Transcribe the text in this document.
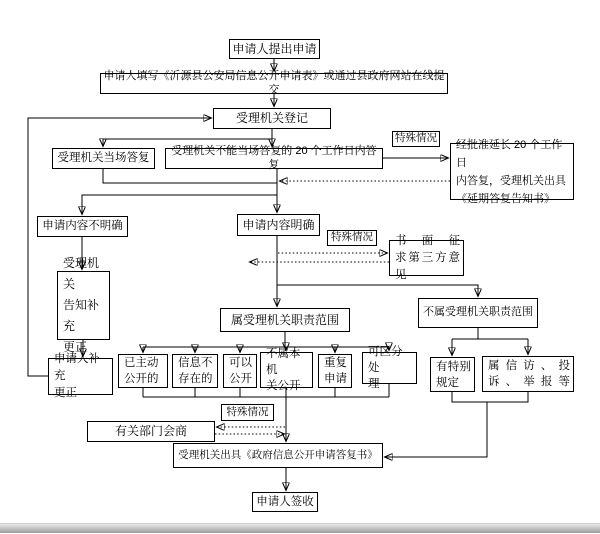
申请人提出申请
申请人填写《沂源县公安局信息公开申请表》或通过县政府网站在线提交
受理机关登记
受理机关当场答复
受理机关不能当场答复的 20 个工作日内答复
特殊情况
经批准延长 20 个工作日
内答复，受理机关出具
《延期答复告知书》
申请内容不明确	申请内容明确
特殊情况 书面征
求第三方意见
受理机关
告知补充
更正
申请人补充
更正
属受理机关职责范围
不属受理机关职责范围
已主动
公开的
信息不
存在的
可以
公开
不属本机
关公开
重复
申请
可区分处
理
有特别
规定
属信访、投
诉、举报等
特殊情况
有关部门会商
受理机关出具《政府信息公开申请答复书》
申请人签收
